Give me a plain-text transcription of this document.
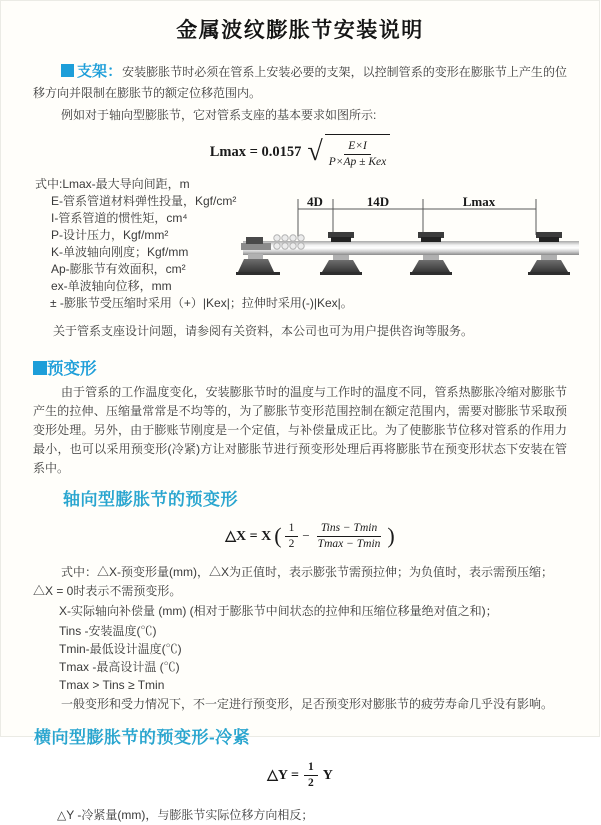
金属波纹膨胀节安装说明

支架：安装膨胀节时必须在管系上安装必要的支架，以控制管系的变形在膨胀节上产生的位移方向并限制在膨胀节的额定位移范围内。

例如对于轴向型膨胀节，它对管系支座的基本要求如图所示:

Lmax = 0.0157 √ $\frac{E\times I}{\text{P×Ap ± Kex}}$
式中:Lmax-最大导向间距，m
E-管系管道材料弹性投量，Kgf/cm²
I-管系管道的惯性矩，cm⁴
P-设计压力，Kgf/mm²
K-单波轴向刚度；Kgf/mm
Ap-膨胀节有效面积，cm²
ex-单波轴向位移，mm
± -膨胀节受压缩时采用（+）|Kex|；拉伸时采用(-)|Kex|。
关于管系支座设计问题，请参阅有关资料，本公司也可为用户提供咨询等服务。
4D	14D	Lmax
预变形

由于管系的工作温度变化，安装膨胀节时的温度与工作时的温度不同，管系热膨胀冷缩对膨胀节产生的拉伸、压缩量常常是不均等的，为了膨胀节变形范围控制在额定范围内，需要对膨胀节采取预变形处理。另外，由于膨账节刚度是一个定值，与补偿量成正比。为了使膨胀节位移对管系的作用力最小，也可以采用预变形(冷紧)方让对膨胀节进行预变形处理后再将膨胀节在预变形状态下安装在管系中。

轴向型膨胀节的预变形
△X = X ( $\frac{1}{2} - \frac{\text{Tins − Tmin}}{Tmax - Tmin}$ )

式中：△X-预变形量(mm)，△X为正值时，表示膨张节需预拉伸；为负值时，表示需预压缩；△X = 0时表示不需预变形。

X-实际轴向补偿量 (mm) (相对于膨胀节中间状态的拉伸和压缩位移量绝对值之和)；

Tins -安装温度(℃)
Tmin-最低设计温度(℃)
Tmax -最高设计温 (℃)
Tmax > Tins ≥ Tmin

一般变形和受力情况下，不一定进行预变形，足否预变形对膨胀节的疲劳寿命几乎没有影响。

横向型膨胀节的预变形-冷紧
△Y = $\frac{1}{2}$ Y

△Y -冷紧量(mm)，与膨胀节实际位移方向相反；
